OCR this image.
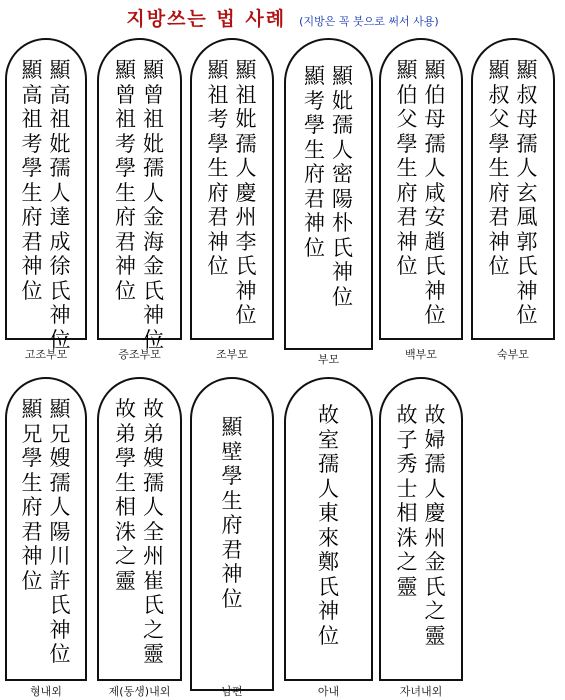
지방쓰는 법 사례 (지방은 꼭 붓으로 써서 사용)
顯
高
祖
妣
孺
人
達
成
徐
氏
神
位
顯
高
祖
考
學
生
府
君
神
位
고조부모
顯
曾
祖
妣
孺
人
金
海
金
氏
神
位
顯
曾
祖
考
學
生
府
君
神
位
증조부모
顯
祖
妣
孺
人
慶
州
李
氏
神
位
顯
祖
考
學
生
府
君
神
位
조부모
顯
妣
孺
人
密
陽
朴
氏
神
位
顯
考
學
生
府
君
神
位
부모
顯
伯
母
孺
人
咸
安
趙
氏
神
位
顯
伯
父
學
生
府
君
神
位
백부모
顯
叔
母
孺
人
玄
風
郭
氏
神
位
顯
叔
父
學
生
府
君
神
位
숙부모
顯
兄
嫂
孺
人
陽
川
許
氏
神
位
顯
兄
學
生
府
君
神
位
형내외
故
弟
嫂
孺
人
全
州
崔
氏
之
靈
故
弟
學
生
相
洙
之
靈
제(동생)내외
顯
壁
學
生
府
君
神
位
남편
故
室
孺
人
東
來
鄭
氏
神
位
아내
故
婦
孺
人
慶
州
金
氏
之
靈
故
子
秀
士
相
洙
之
靈
자녀내외
